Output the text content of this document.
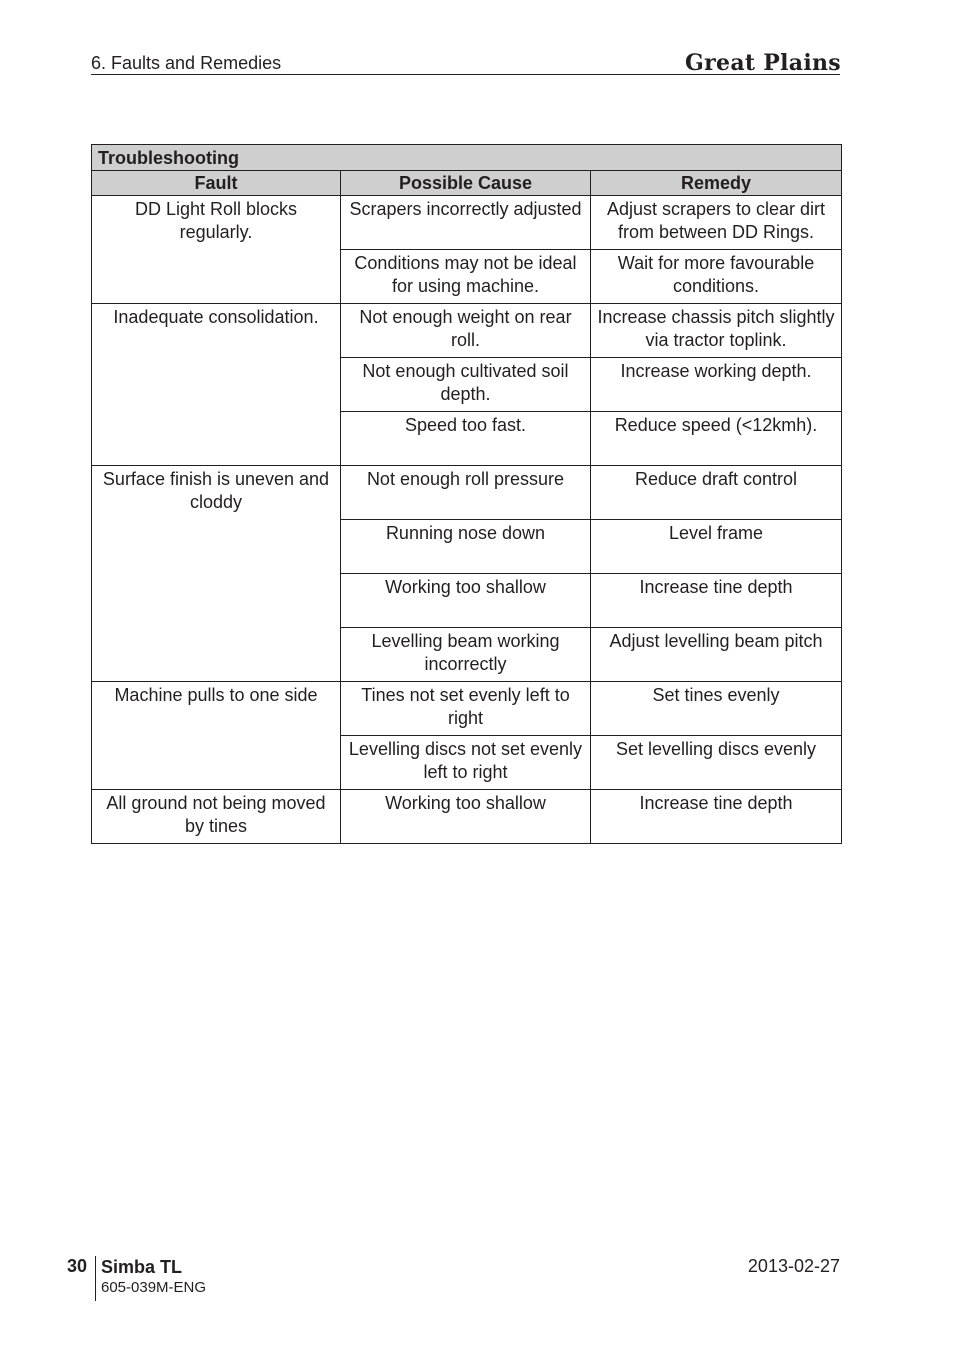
6. Faults and Remedies	Great Plains
Troubleshooting		
Fault	Possible Cause	Remedy
DD Light Roll blocks regularly.	Scrapers incorrectly adjusted	Adjust scrapers to clear dirt from between DD Rings.
	Conditions may not be ideal for using machine.	Wait for more favourable conditions.
Inadequate consolidation.	Not enough weight on rear roll.	Increase chassis pitch slightly via tractor toplink.
	Not enough cultivated soil depth.	Increase working depth.
	Speed too fast.	Reduce speed (<12kmh).
Surface finish is uneven and cloddy	Not enough roll pressure	Reduce draft control
	Running nose down	Level frame
	Working too shallow	Increase tine depth
	Levelling beam working incorrectly	Adjust levelling beam pitch
Machine pulls to one side	Tines not set evenly left to right	Set tines evenly
	Levelling discs not set evenly left to right	Set levelling discs evenly
All ground not being moved by tines	Working too shallow	Increase tine depth
30 Simba TL
605-039M-ENG
2013-02-27
